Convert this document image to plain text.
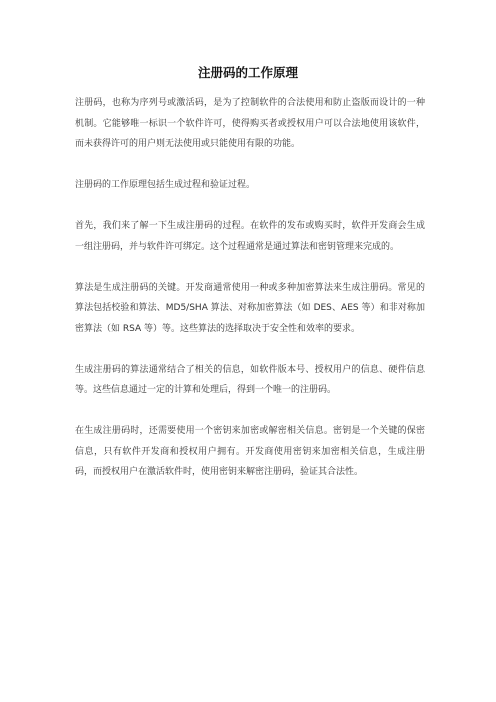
注册码的工作原理

注册码，也称为序列号或激活码，是为了控制软件的合法使用和防止盗版而设计的一种机制。它能够唯一标识一个软件许可，使得购买者或授权用户可以合法地使用该软件，而未获得许可的用户则无法使用或只能使用有限的功能。

注册码的工作原理包括生成过程和验证过程。

首先，我们来了解一下生成注册码的过程。在软件的发布或购买时，软件开发商会生成一组注册码，并与软件许可绑定。这个过程通常是通过算法和密钥管理来完成的。

算法是生成注册码的关键。开发商通常使用一种或多种加密算法来生成注册码。常见的算法包括校验和算法、MD5/SHA 算法、对称加密算法（如 DES、AES 等）和非对称加密算法（如 RSA 等）等。这些算法的选择取决于安全性和效率的要求。

生成注册码的算法通常结合了相关的信息，如软件版本号、授权用户的信息、硬件信息等。这些信息通过一定的计算和处理后，得到一个唯一的注册码。

在生成注册码时，还需要使用一个密钥来加密或解密相关信息。密钥是一个关键的保密信息，只有软件开发商和授权用户拥有。开发商使用密钥来加密相关信息，生成注册码，而授权用户在激活软件时，使用密钥来解密注册码，验证其合法性。
